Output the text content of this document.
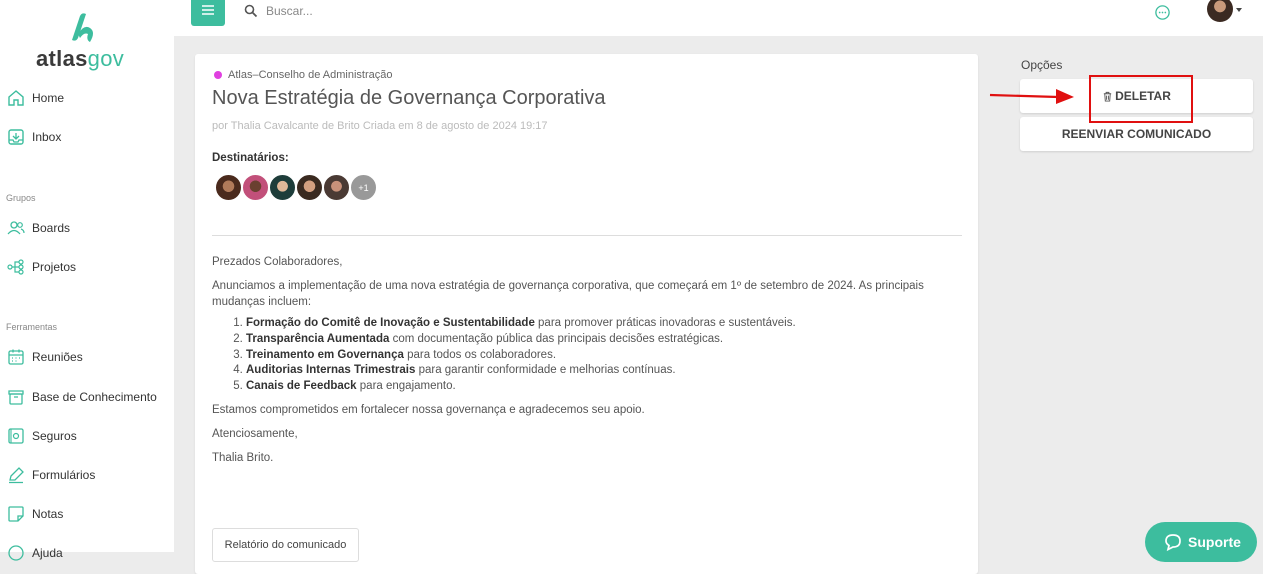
atlasgov
Home
Inbox
Grupos
Boards
Projetos
Ferramentas
Reuniões
Base de Conhecimento
Seguros
Formulários
Notas
Ajuda
Buscar...
Atlas–Conselho de Administração
Nova Estratégia de Governança Corporativa
por Thalia Cavalcante de Brito Criada em 8 de agosto de 2024 19:17
Destinatários:
+1

Prezados Colaboradores,

Anunciamos a implementação de uma nova estratégia de governança corporativa, que começará em 1º de setembro de 2024. As principais mudanças incluem:

1. Formação do Comitê de Inovação e Sustentabilidade para promover práticas inovadoras e sustentáveis.
2. Transparência Aumentada com documentação pública das principais decisões estratégicas.
3. Treinamento em Governança para todos os colaboradores.
4. Auditorias Internas Trimestrais para garantir conformidade e melhorias contínuas.
5. Canais de Feedback para engajamento.

Estamos comprometidos em fortalecer nossa governança e agradecemos seu apoio.

Atenciosamente,

Thalia Brito.

Relatório do comunicado
Opções
DELETAR
REENVIAR COMUNICADO
Suporte
